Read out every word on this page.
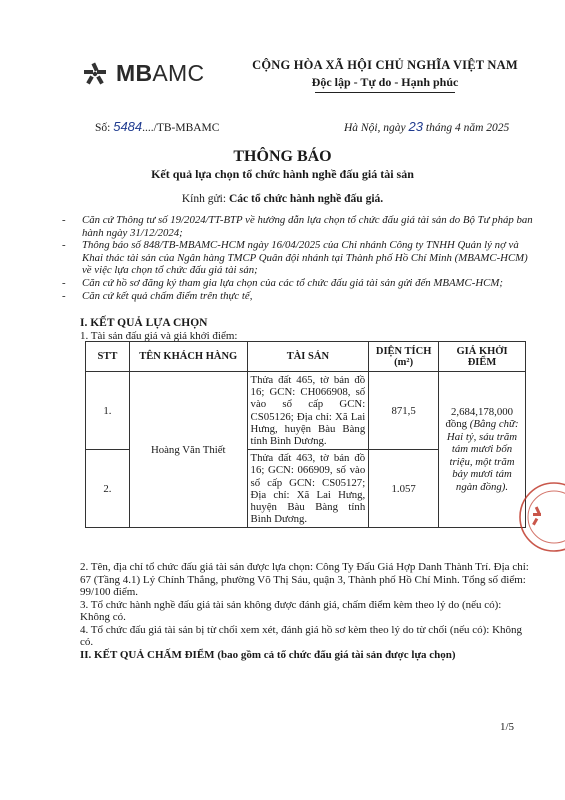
MBAMC	CỘNG HÒA XÃ HỘI CHỦ NGHĨA VIỆT NAM
Độc lập - Tự do - Hạnh phúc
Số: 5484..../TB-MBAMC	Hà Nội, ngày 23 tháng 4 năm 2025
THÔNG BÁO
Kết quả lựa chọn tổ chức hành nghề đấu giá tài sản
Kính gửi: Các tổ chức hành nghề đấu giá.
- Căn cứ Thông tư số 19/2024/TT-BTP về hướng dẫn lựa chọn tổ chức đấu giá tài sản do Bộ Tư pháp ban hành ngày 31/12/2024;
- Thông báo số 848/TB-MBAMC-HCM ngày 16/04/2025 của Chi nhánh Công ty TNHH Quản lý nợ và Khai thác tài sản của Ngân hàng TMCP Quân đội nhánh tại Thành phố Hồ Chí Minh (MBAMC-HCM) về việc lựa chọn tổ chức đấu giá tài sản;
- Căn cứ hồ sơ đăng ký tham gia lựa chọn của các tổ chức đấu giá tài sản gửi đến MBAMC-HCM;
- Căn cứ kết quả chấm điểm trên thực tế,
I. KẾT QUẢ LỰA CHỌN
1. Tài sản đấu giá và giá khởi điểm:
STT	TÊN KHÁCH HÀNG	TÀI SẢN	DIỆN TÍCH (m²)	GIÁ KHỞI ĐIỂM
1.	Hoàng Văn Thiết	Thửa đất 465, tờ bản đồ 16; GCN: CH066908, số vào sổ cấp GCN: CS05126; Địa chỉ: Xã Lai Hưng, huyện Bàu Bàng tỉnh Bình Dương.	871,5	2,684,178,000 đồng (Bằng chữ: Hai tỷ, sáu trăm tám mươi bốn triệu, một trăm bảy mươi tám ngàn đồng).
2.		Thửa đất 463, tờ bản đồ 16; GCN: 066909, số vào sổ cấp GCN: CS05127; Địa chỉ: Xã Lai Hưng, huyện Bàu Bàng tỉnh Bình Dương.	1.057	

2. Tên, địa chỉ tổ chức đấu giá tài sản được lựa chọn: Công Ty Đấu Giá Hợp Danh Thành Trí. Địa chỉ: 67 (Tầng 4.1) Lý Chính Thắng, phường Võ Thị Sáu, quận 3, Thành phố Hồ Chí Minh. Tổng số điểm: 99/100 điểm.

3. Tổ chức hành nghề đấu giá tài sản không được đánh giá, chấm điểm kèm theo lý do (nếu có): Không có.

4. Tổ chức đấu giá tài sản bị từ chối xem xét, đánh giá hồ sơ kèm theo lý do từ chối (nếu có): Không có.

II. KẾT QUẢ CHẤM ĐIỂM (bao gồm cả tổ chức đấu giá tài sản được lựa chọn)

1/5
